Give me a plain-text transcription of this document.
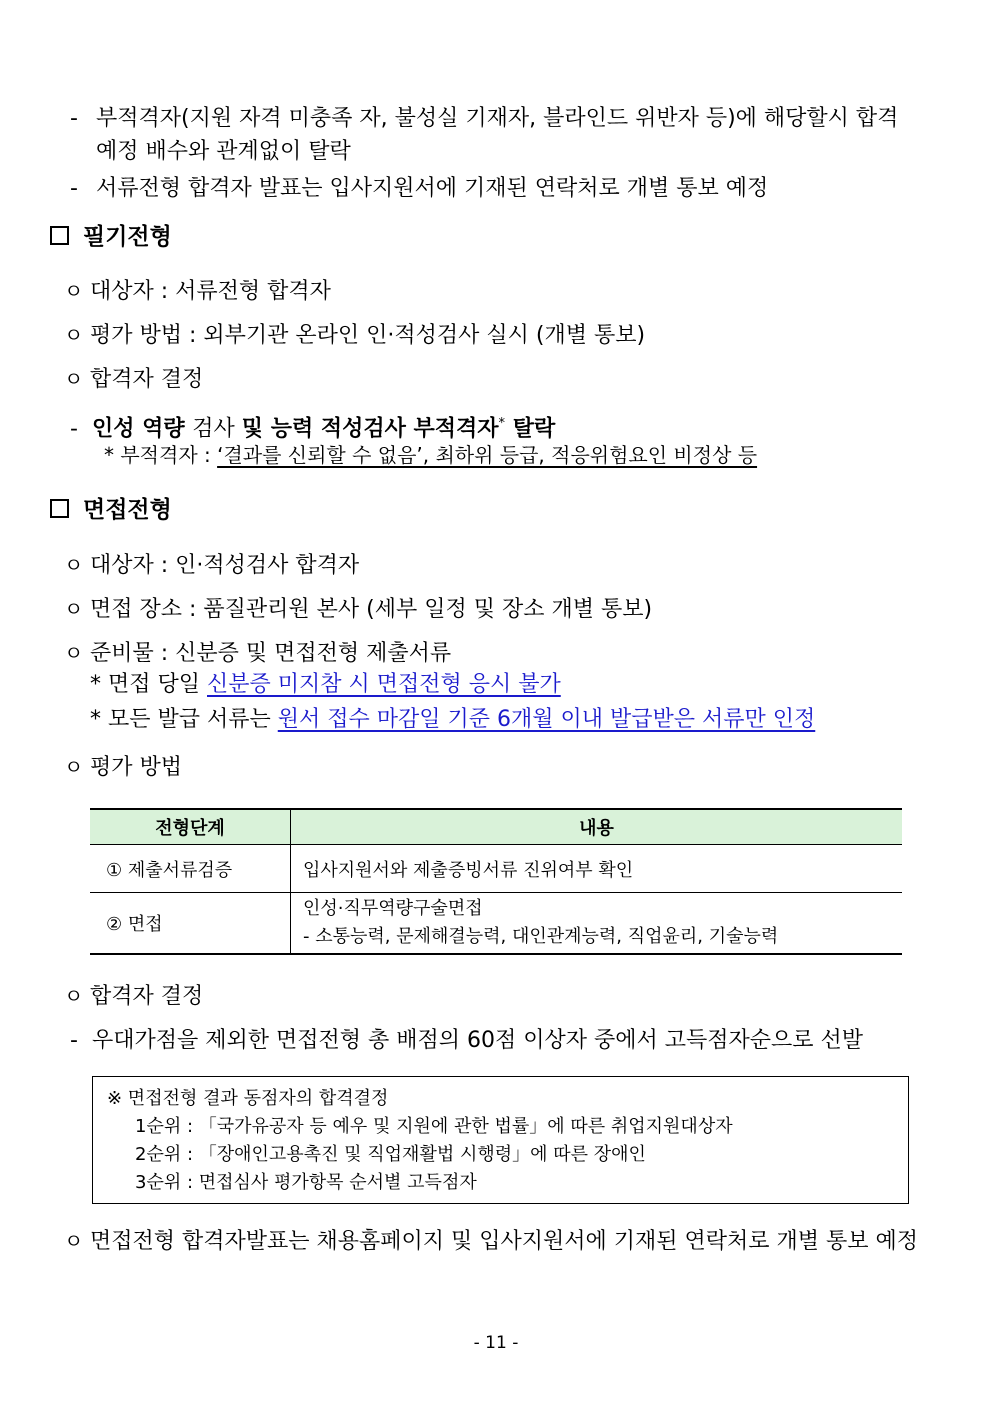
- 부적격자(지원 자격 미충족 자, 불성실 기재자, 블라인드 위반자 등)에 해당할시 합격
예정 배수와 관계없이 탈락
- 서류전형 합격자 발표는 입사지원서에 기재된 연락처로 개별 통보 예정
필기전형
ㅇ 대상자 : 서류전형 합격자
ㅇ 평가 방법 : 외부기관 온라인 인·적성검사 실시 (개별 통보)
ㅇ 합격자 결정
- 인성 역량 검사 및 능력 적성검사 부적격자* 탈락
* 부적격자 : ‘결과를 신뢰할 수 없음’, 최하위 등급, 적응위험요인 비정상 등
면접전형
ㅇ 대상자 : 인·적성검사 합격자
ㅇ 면접 장소 : 품질관리원 본사 (세부 일정 및 장소 개별 통보)
ㅇ 준비물 : 신분증 및 면접전형 제출서류
* 면접 당일 신분증 미지참 시 면접전형 응시 불가
* 모든 발급 서류는 원서 접수 마감일 기준 6개월 이내 발급받은 서류만 인정
ㅇ 평가 방법
전형단계	내용
① 제출서류검증	입사지원서와 제출증빙서류 진위여부 확인
② 면접	인성·직무역량구술면접
- 소통능력, 문제해결능력, 대인관계능력, 직업윤리, 기술능력
ㅇ 합격자 결정
- 우대가점을 제외한 면접전형 총 배점의 60점 이상자 중에서 고득점자순으로 선발
※ 면접전형 결과 동점자의 합격결정
1순위 : 「국가유공자 등 예우 및 지원에 관한 법률」에 따른 취업지원대상자
2순위 : 「장애인고용촉진 및 직업재활법 시행령」에 따른 장애인
3순위 : 면접심사 평가항목 순서별 고득점자
ㅇ 면접전형 합격자발표는 채용홈페이지 및 입사지원서에 기재된 연락처로 개별 통보 예정
- 11 -
